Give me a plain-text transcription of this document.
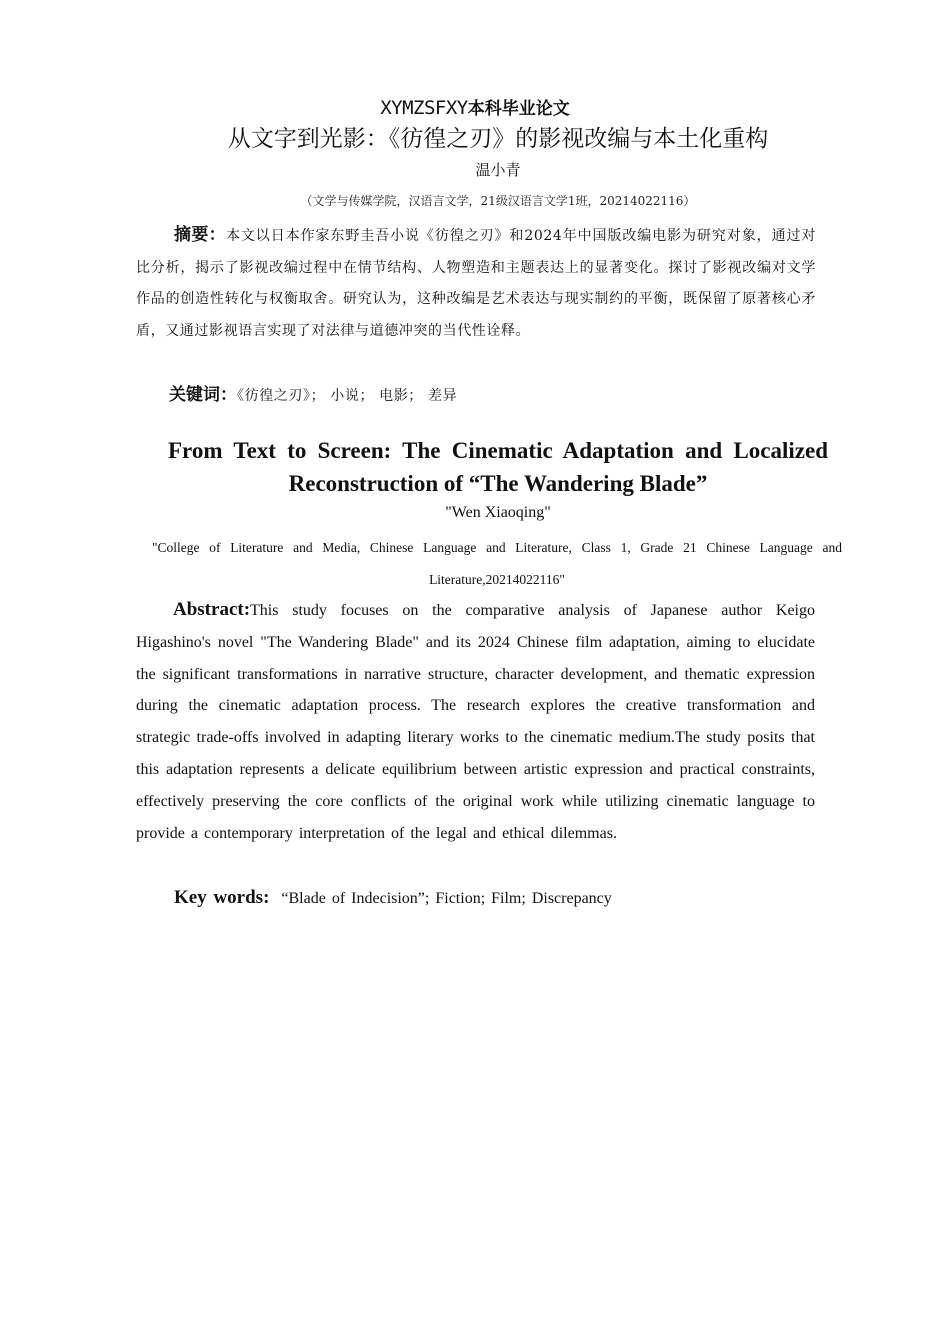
XYMZSFXY本科毕业论文
从文字到光影：《彷徨之刃》的影视改编与本土化重构
温小青
（文学与传媒学院，汉语言文学，21级汉语言文学1班，20214022116）
摘要：本文以日本作家东野圭吾小说《彷徨之刃》和2024年中国版改编电影为研究对象，通过对比分析，揭示了影视改编过程中在情节结构、人物塑造和主题表达上的显著变化。探讨了影视改编对文学作品的创造性转化与权衡取舍。研究认为，这种改编是艺术表达与现实制约的平衡，既保留了原著核心矛盾，又通过影视语言实现了对法律与道德冲突的当代性诠释。
关键词：《彷徨之刃》； 小说； 电影； 差异
From Text to Screen: The Cinematic Adaptation and Localized Reconstruction of “The Wandering Blade”
"Wen Xiaoqing"
"College of Literature and Media, Chinese Language and Literature, Class 1, Grade 21 Chinese Language and Literature,20214022116"
Abstract:This study focuses on the comparative analysis of Japanese author Keigo Higashino's novel "The Wandering Blade" and its 2024 Chinese film adaptation, aiming to elucidate the significant transformations in narrative structure, character development, and thematic expression during the cinematic adaptation process. The research explores the creative transformation and strategic trade-offs involved in adapting literary works to the cinematic medium.The study posits that this adaptation represents a delicate equilibrium between artistic expression and practical constraints, effectively preserving the core conflicts of the original work while utilizing cinematic language to provide a contemporary interpretation of the legal and ethical dilemmas.
Key words: “Blade of Indecision”; Fiction; Film; Discrepancy
